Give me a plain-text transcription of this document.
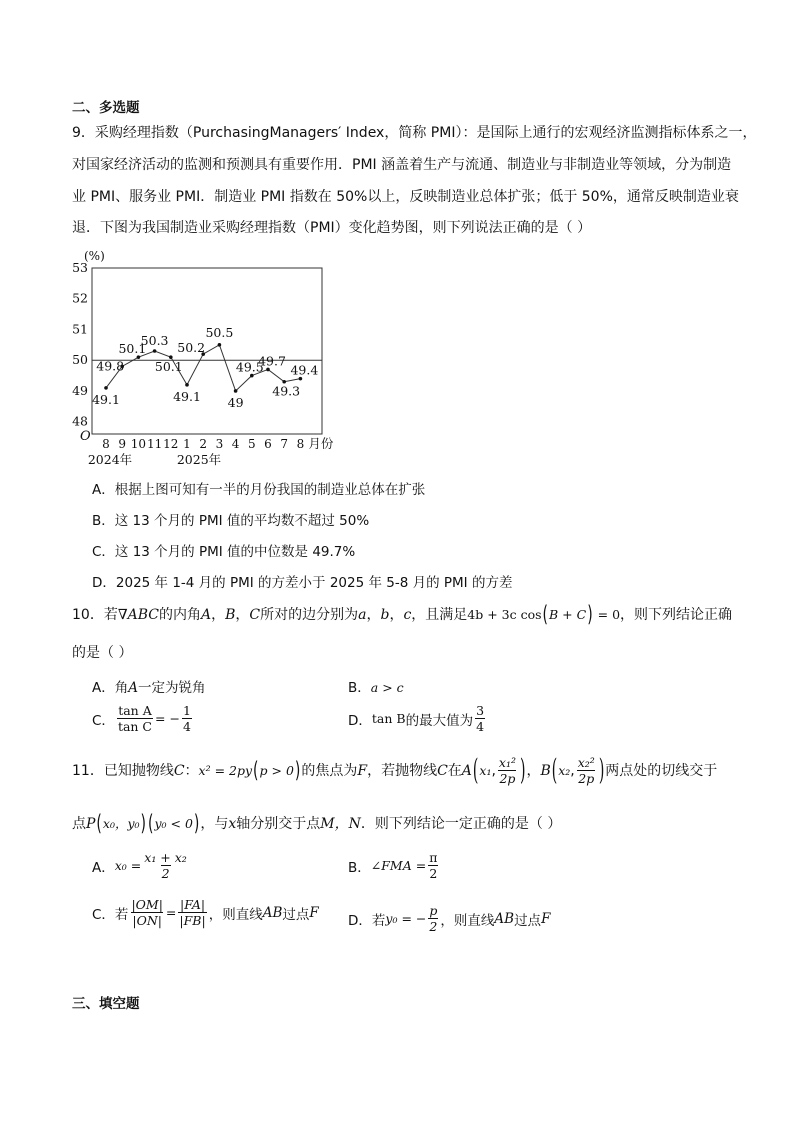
二、多选题
9．采购经理指数（PurchasingManagers′ Index，简称 PMI）：是国际上通行的宏观经济监测指标体系之一，
对国家经济活动的监测和预测具有重要作用．PMI 涵盖着生产与流通、制造业与非制造业等领域，分为制造
业 PMI、服务业 PMI．制造业 PMI 指数在 50%以上，反映制造业总体扩张；低于 50%，通常反映制造业衰
退．下图为我国制造业采购经理指数（PMI）变化趋势图，则下列说法正确的是（ ）
(%)
48
49
50
51
52
53
O 8 9 10 11 12 1 2 3 4 5 6 7 8 月份
2024年	2025年
49.1
49.8
50.1
50.3
50.1
49.1
50.2
50.5
49
49.5
49.7
49.3
49.4
A．根据上图可知有一半的月份我国的制造业总体在扩张
B．这 13 个月的 PMI 值的平均数不超过 50%
C．这 13 个月的 PMI 值的中位数是 49.7%
D．2025 年 1-4 月的 PMI 的方差小于 2025 年 5-8 月的 PMI 的方差
10．若∇ABC的内角A，B，C所对的边分别为a，b，c，且满足4b + 3c cos(B + C) = 0，则下列结论正确
的是（ ）
A．角A一定为锐角	B．a > c
C． $\frac{\text{tan A}}{\text{tan C}}$ = − $\frac{1}{4}$	D． tan B 的最大值为 $\frac{3}{4}$
11．已知抛物线 C ： x² = 2py ( p > 0 ) 的焦点为 F ，若抛物线 C 在 A ( x₁ , $\frac{\text{x₁²}}{2p}$ ) ， B ( x₂ , $\frac{\text{x₂²}}{2p}$ ) 两点处的切线交于
点P(x₀，y₀) (y₀ < 0)，与x轴分别交于点M，N．则下列结论一定正确的是（ ）
A． $x_0 = \frac{\text{x₁ + x₂}}{2}$	B． ∠FMA = $\frac{\pi}{2}$
C．若 $\frac{|OM|}{|ON|} = \frac{|FA|}{|FB|}$ ，则直线 AB 过点 F D．若 y₀ = − $\frac{p}{2}$ ，则直线 AB 过点 F
三、填空题
